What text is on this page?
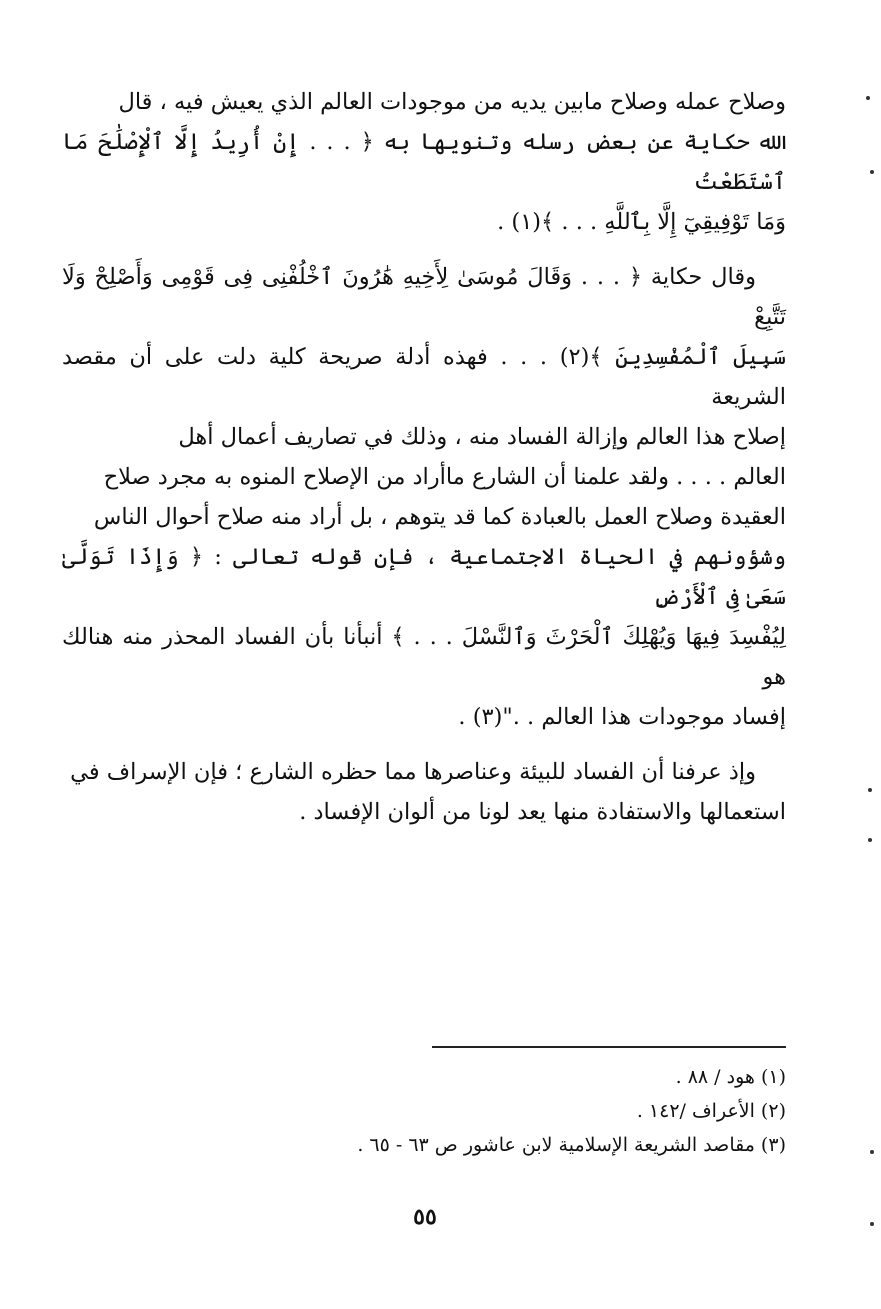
وصلاح عمله وصلاح مابين يديه من موجودات العالم الذي يعيش فيه ، قال
الله حكاية عن بعض رسله وتنويها به ﴿ . . . إِنْ أُرِيدُ إِلَّا ٱلْإِصْلَٰحَ مَا ٱسْتَطَعْتُ
وَمَا تَوْفِيقِيٓ إِلَّا بِٱللَّهِ . . . ﴾(١) .

وقال حكاية ﴿ . . . وَقَالَ مُوسَىٰ لِأَخِيهِ هَٰرُونَ ٱخْلُفْنِى فِى قَوْمِى وَأَصْلِحْ وَلَا تَتَّبِعْ
سَبِيلَ ٱلْمُفْسِدِينَ ﴾(٢) . . . فهذه أدلة صريحة كلية دلت على أن مقصد الشريعة
إصلاح هذا العالم وإزالة الفساد منه ، وذلك في تصاريف أعمال أهل
العالم . . . . ولقد علمنا أن الشارع ماأراد من الإصلاح المنوه به مجرد صلاح
العقيدة وصلاح العمل بالعبادة كما قد يتوهم ، بل أراد منه صلاح أحوال الناس
وشؤونهم في الحياة الاجتماعية ، فإن قوله تعالى : ﴿ وَإِذَا تَوَلَّىٰ سَعَىٰ فِى ٱلْأَرْضِ
لِيُفْسِدَ فِيهَا وَيُهْلِكَ ٱلْحَرْثَ وَٱلنَّسْلَ . . . ﴾ أنبأنا بأن الفساد المحذر منه هنالك هو
إفساد موجودات هذا العالم . ."(٣) .

وإذ عرفنا أن الفساد للبيئة وعناصرها مما حظره الشارع ؛ فإن الإسراف في
استعمالها والاستفادة منها يعد لونا من ألوان الإفساد .

(١) هود / ٨٨ .
(٢) الأعراف /١٤٢ .
(٣) مقاصد الشريعة الإسلامية لابن عاشور ص ٦٣ - ٦٥ .
٥٥
